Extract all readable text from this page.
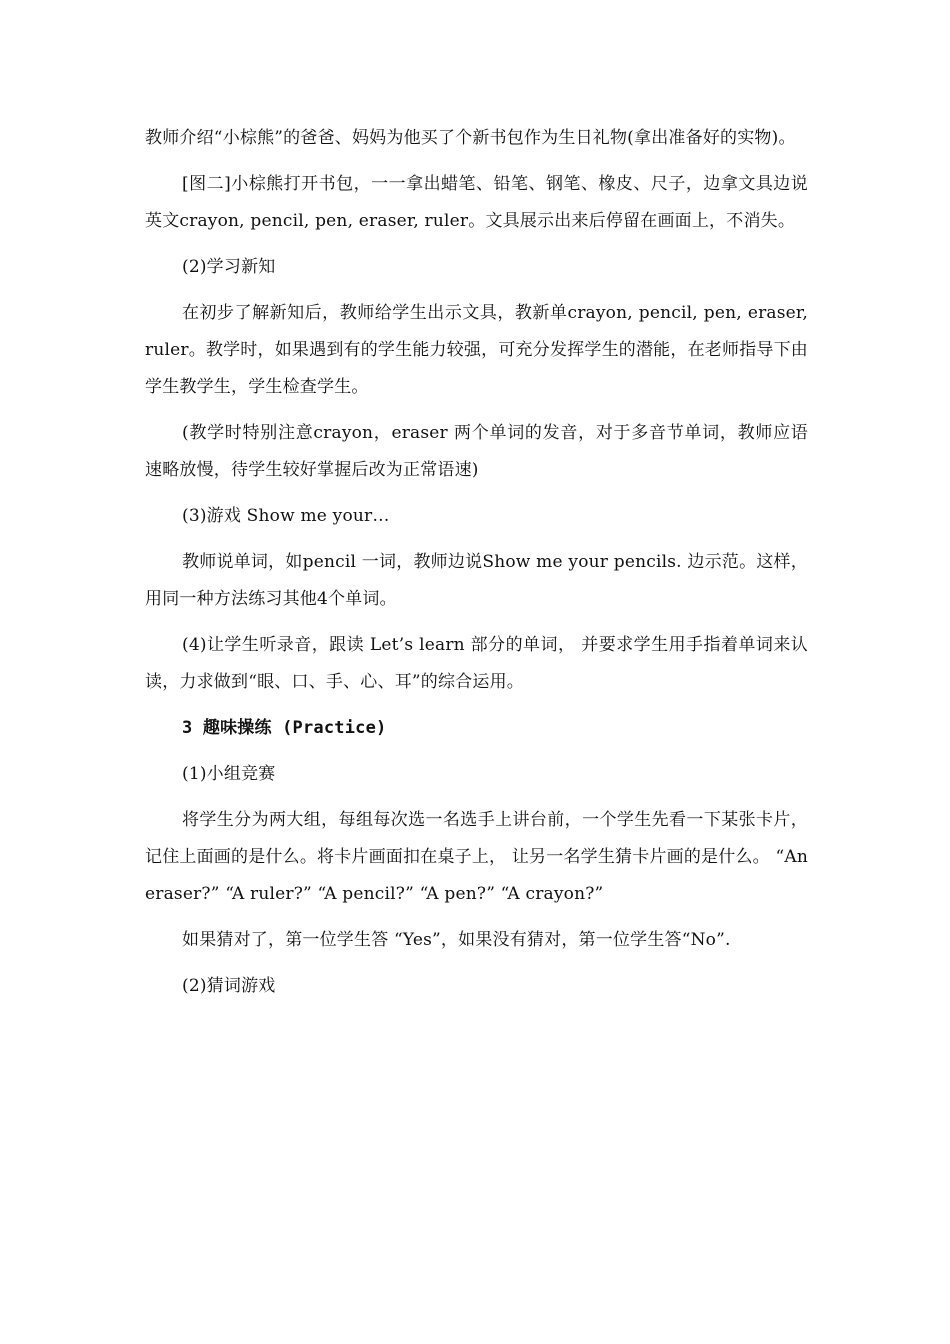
教师介绍“小棕熊”的爸爸、妈妈为他买了个新书包作为生日礼物(拿出准备好的实物)。

[图二]小棕熊打开书包，一一拿出蜡笔、铅笔、钢笔、橡皮、尺子，边拿文具边说英文crayon, pencil, pen, eraser, ruler。文具展示出来后停留在画面上，不消失。

(2)学习新知

在初步了解新知后，教师给学生出示文具，教新单crayon, pencil, pen, eraser, ruler。教学时，如果遇到有的学生能力较强，可充分发挥学生的潜能，在老师指导下由学生教学生，学生检查学生。

(教学时特别注意crayon，eraser 两个单词的发音，对于多音节单词，教师应语速略放慢，待学生较好掌握后改为正常语速)

(3)游戏 Show me your…

教师说单词，如pencil 一词，教师边说Show me your pencils. 边示范。这样，用同一种方法练习其他4个单词。

(4)让学生听录音，跟读 Let’s learn 部分的单词， 并要求学生用手指着单词来认读，力求做到“眼、口、手、心、耳”的综合运用。

3 趣味操练 (Practice)

(1)小组竞赛

将学生分为两大组，每组每次选一名选手上讲台前，一个学生先看一下某张卡片，记住上面画的是什么。将卡片画面扣在桌子上， 让另一名学生猜卡片画的是什么。 “An eraser?” “A ruler?” “A pencil?” “A pen?” “A crayon?”

如果猜对了，第一位学生答 “Yes”，如果没有猜对，第一位学生答“No”.

(2)猜词游戏
